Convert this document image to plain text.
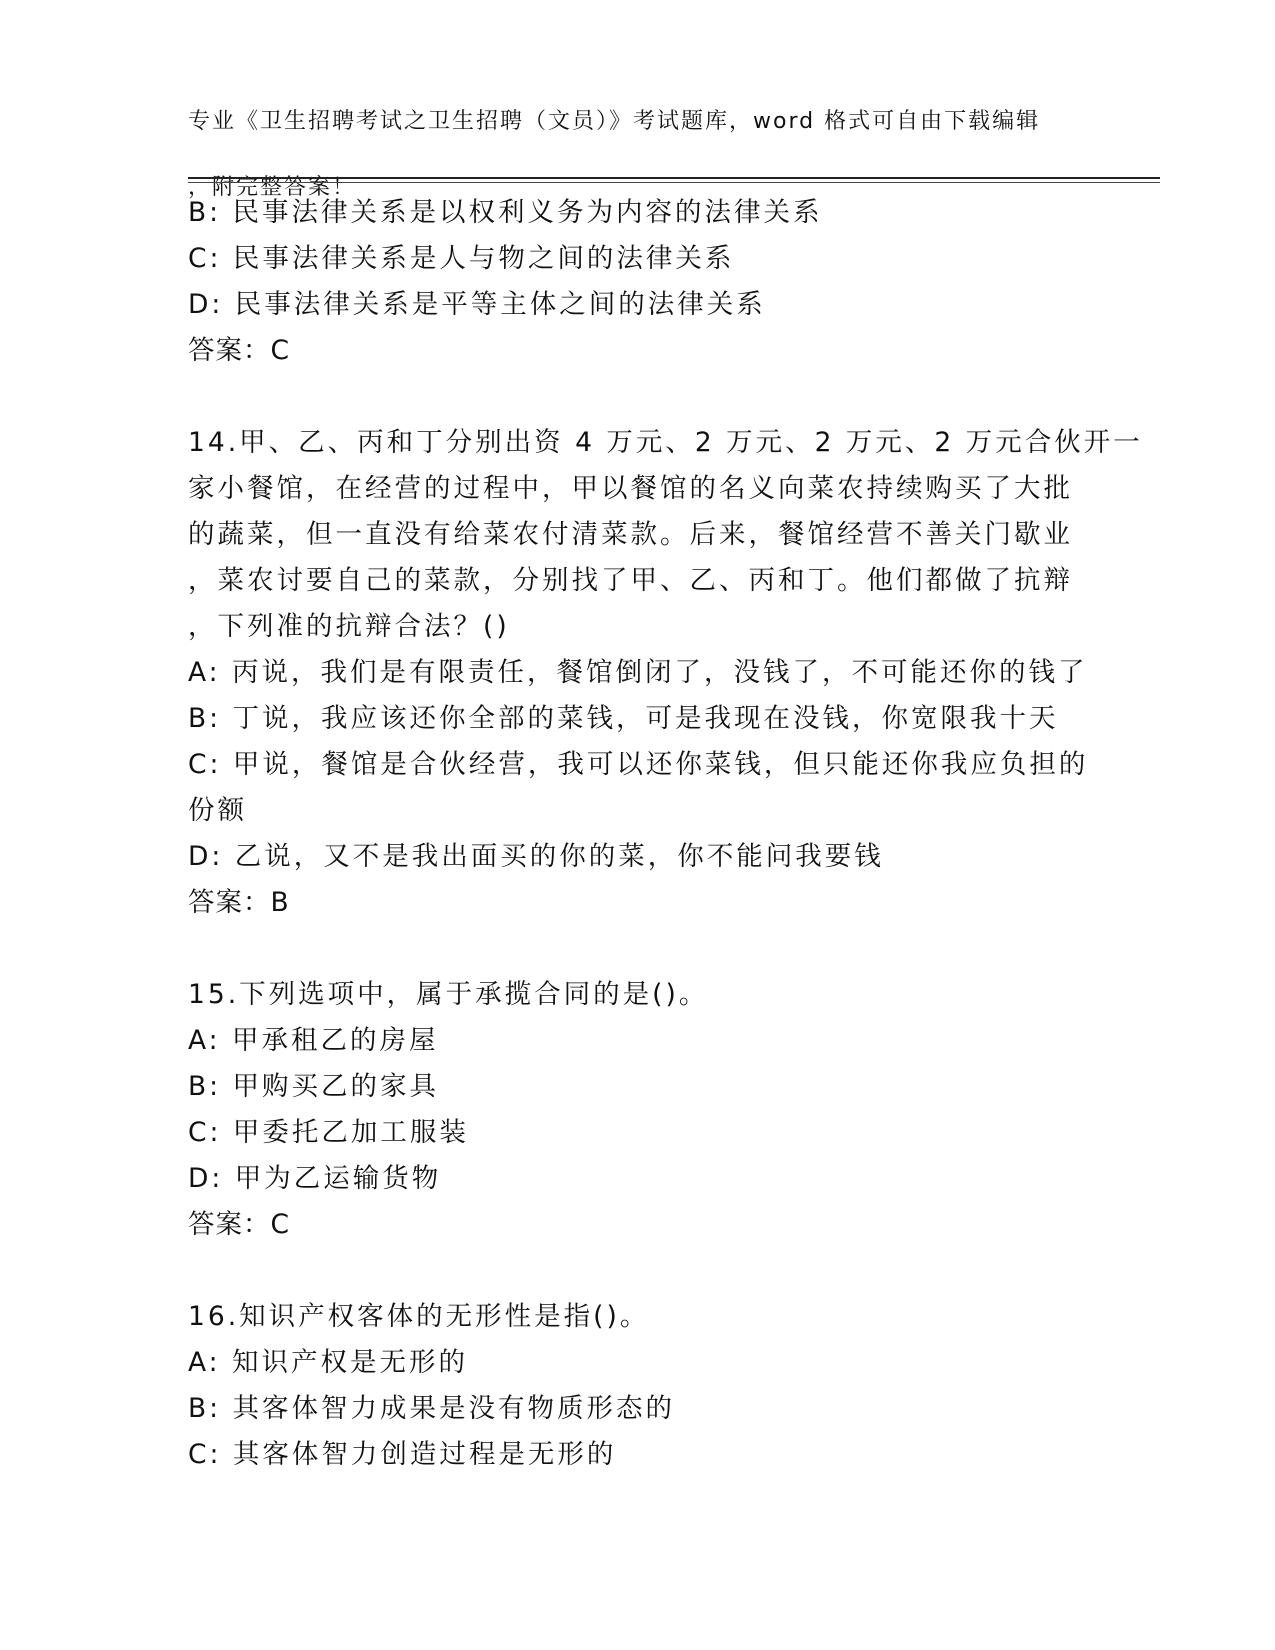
专业《卫生招聘考试之卫生招聘（文员）》考试题库，word 格式可自由下载编辑

，附完整答案！

B: 民事法律关系是以权利义务为内容的法律关系
C: 民事法律关系是人与物之间的法律关系
D: 民事法律关系是平等主体之间的法律关系
答案：C
14.甲、乙、丙和丁分别出资 4 万元、2 万元、2 万元、2 万元合伙开一
家小餐馆，在经营的过程中，甲以餐馆的名义向菜农持续购买了大批
的蔬菜，但一直没有给菜农付清菜款。后来，餐馆经营不善关门歇业
，菜农讨要自己的菜款，分别找了甲、乙、丙和丁。他们都做了抗辩
，下列准的抗辩合法？()
A: 丙说，我们是有限责任，餐馆倒闭了，没钱了，不可能还你的钱了
B: 丁说，我应该还你全部的菜钱，可是我现在没钱，你宽限我十天
C: 甲说，餐馆是合伙经营，我可以还你菜钱，但只能还你我应负担的
份额
D: 乙说，又不是我出面买的你的菜，你不能问我要钱
答案：B
15.下列选项中，属于承揽合同的是()。
A: 甲承租乙的房屋
B: 甲购买乙的家具
C: 甲委托乙加工服装
D: 甲为乙运输货物
答案：C
16.知识产权客体的无形性是指()。
A: 知识产权是无形的
B: 其客体智力成果是没有物质形态的
C: 其客体智力创造过程是无形的
